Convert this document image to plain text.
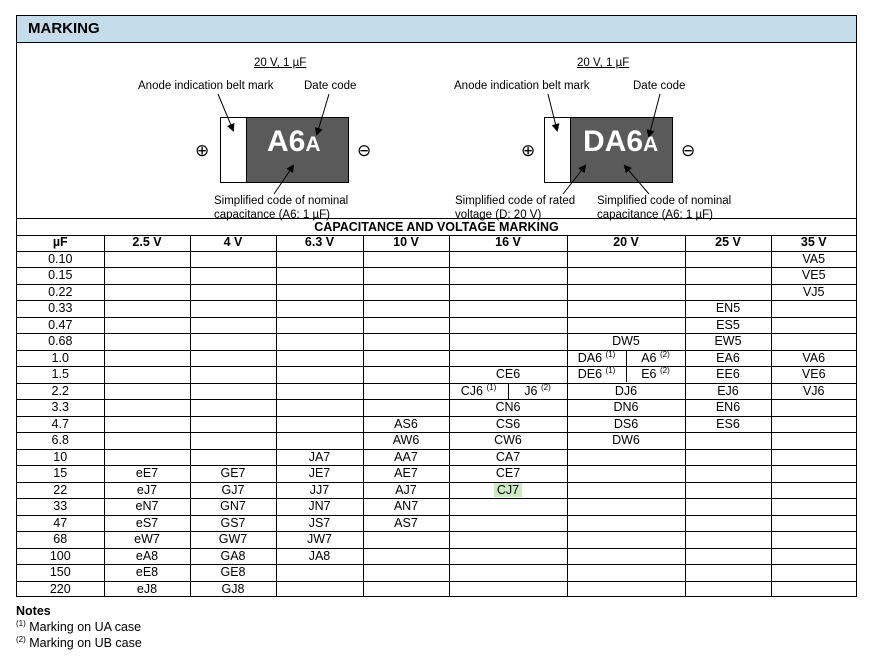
MARKING
20 V, 1 µF
Anode indication belt mark	Date code
⊕ A6A ⊖
Simplified code of nominal
capacitance (A6: 1 µF)
20 V, 1 µF
Anode indication belt mark	Date code
⊕ DA6A ⊖
Simplified code of rated
voltage (D: 20 V)
Simplified code of nominal
capacitance (A6: 1 µF)
CAPACITANCE AND VOLTAGE MARKING
µF	2.5 V	4 V	6.3 V	10 V	16 V	20 V	25 V	35 V
0.10								VA5
0.15								VE5
0.22								VJ5
0.33							EN5	
0.47							ES5	
0.68						DW5	EW5	
1.0						DA6 $^{(1)}$ A6 $^{(2)}$	EA6	VA6
1.5					CE6	DE6 $^{(1)}$ E6 $^{(2)}$	EE6	VE6
2.2					CJ6 $^{(1)}$ J6 $^{(2)}$	DJ6	EJ6	VJ6
3.3					CN6	DN6	EN6	
4.7				AS6	CS6	DS6	ES6	
6.8				AW6	CW6	DW6		
10			JA7	AA7	CA7			
15	eE7	GE7	JE7	AE7	CE7			
22	eJ7	GJ7	JJ7	AJ7	CJ7			
33	eN7	GN7	JN7	AN7				
47	eS7	GS7	JS7	AS7				
68	eW7	GW7	JW7					
100	eA8	GA8	JA8					
150	eE8	GE8						
220	eJ8	GJ8						
Notes
$^{(1)}$ Marking on UA case
$^{(2)}$ Marking on UB case
